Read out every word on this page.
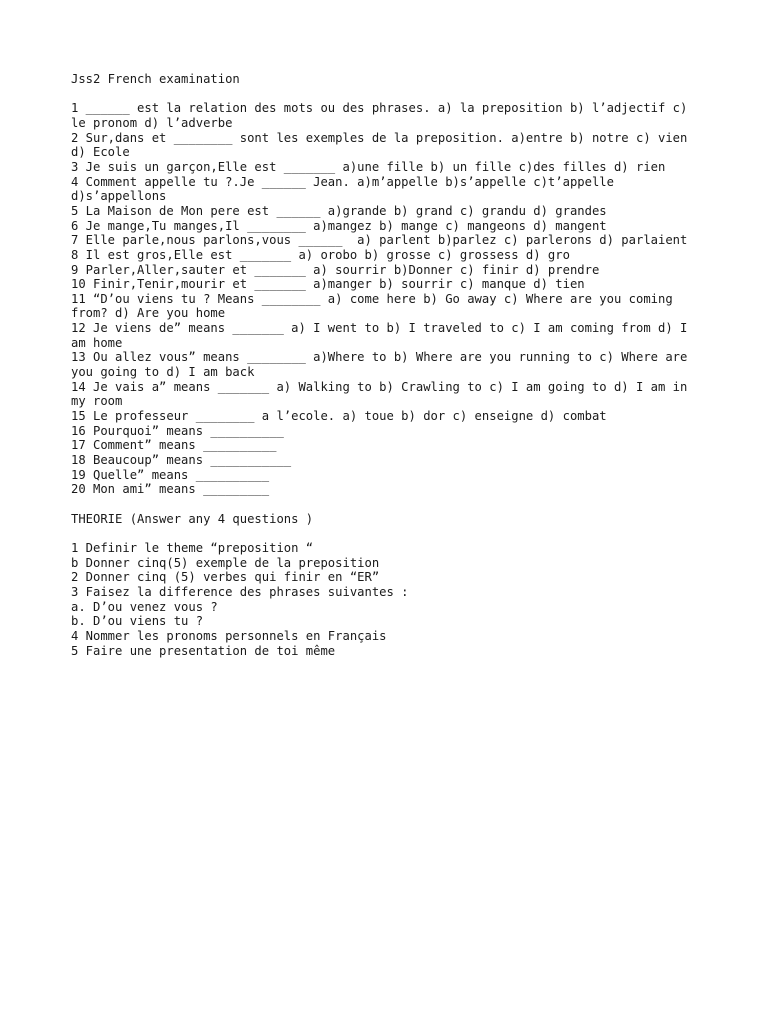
Jss2 French examination

1 ______ est la relation des mots ou des phrases. a) la preposition b) l’adjectif c) le pronom d) l’adverbe

2 Sur,dans et ________ sont les exemples de la preposition. a)entre b) notre c) vien d) Ecole

3 Je suis un garçon,Elle est _______ a)une fille b) un fille c)des filles d) rien

4 Comment appelle tu ?.Je ______ Jean. a)m’appelle b)s’appelle c)t’appelle d)s’appellons

5 La Maison de Mon pere est ______ a)grande b) grand c) grandu d) grandes

6 Je mange,Tu manges,Il ________ a)mangez b) mange c) mangeons d) mangent

7 Elle parle,nous parlons,vous ______  a) parlent b)parlez c) parlerons d) parlaient

8 Il est gros,Elle est _______ a) orobo b) grosse c) grossess d) gro

9 Parler,Aller,sauter et _______ a) sourrir b)Donner c) finir d) prendre

10 Finir,Tenir,mourir et _______ a)manger b) sourrir c) manque d) tien

11 “D’ou viens tu ? Means ________ a) come here b) Go away c) Where are you coming from? d) Are you home

12 Je viens de” means _______ a) I went to b) I traveled to c) I am coming from d) I am home

13 Ou allez vous” means ________ a)Where to b) Where are you running to c) Where are you going to d) I am back

14 Je vais a” means _______ a) Walking to b) Crawling to c) I am going to d) I am in my room

15 Le professeur ________ a l’ecole. a) toue b) dor c) enseigne d) combat

16 Pourquoi” means __________

17 Comment” means __________

18 Beaucoup” means ___________

19 Quelle” means __________

20 Mon ami” means _________

THEORIE (Answer any 4 questions )

1 Definir le theme “preposition “

b Donner cinq(5) exemple de la preposition

2 Donner cinq (5) verbes qui finir en “ER”

3 Faisez la difference des phrases suivantes :

a. D’ou venez vous ?

b. D’ou viens tu ?

4 Nommer les pronoms personnels en Français

5 Faire une presentation de toi même
